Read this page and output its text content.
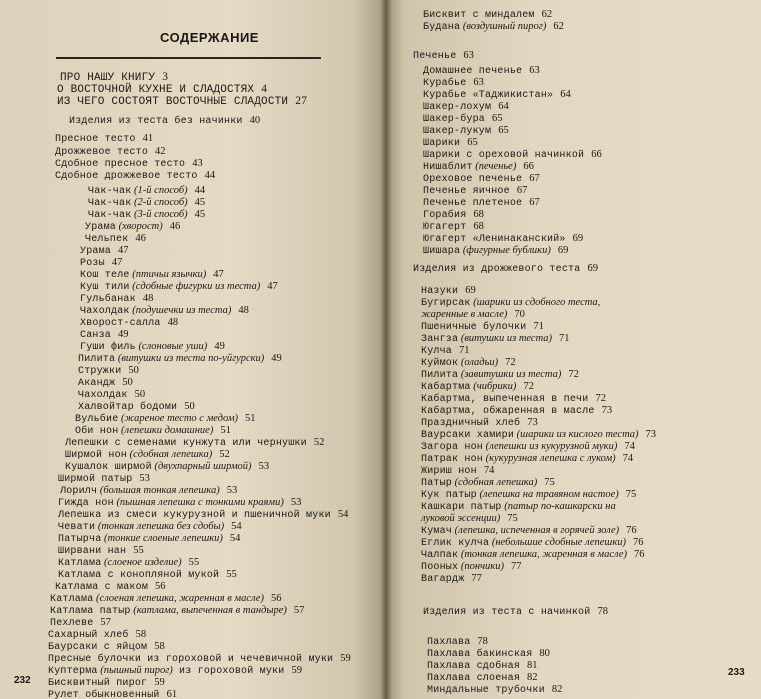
СОДЕРЖАНИЕ
ПРО НАШУ КНИГУ 3
О ВОСТОЧНОЙ КУХНЕ И СЛАДОСТЯХ 4
ИЗ ЧЕГО СОСТОЯТ ВОСТОЧНЫЕ СЛАДОСТИ 27
Изделия из теста без начинки 40
Пресное тесто 41
Дрожжевое тесто 42
Сдобное пресное тесто 43
Сдобное дрожжевое тесто 44
Чак-чак (1-й способ) 44
Чак-чак (2-й способ) 45
Чак-чак (3-й способ) 45
Урама (хворост) 46
Чельпек 46
Урама 47
Розы 47
Кош теле (птичьи язычки) 47
Куш тили (сдобные фигурки из теста) 47
Гульбанак 48
Чахолдак (подушечки из теста) 48
Хворост-салла 48
Санза 49
Гуши филь (слоновые уши) 49
Пилита (витушки из теста по-уйгурски) 49
Стружки 50
Акандж 50
Чахолдак 50
Халвойтар бодоми 50
Вульбие (жареное тесто с медом) 51
Оби нон (лепешки домашние) 51
Лепешки с семенами кунжута или чернушки 52
Ширмой нон (сдобная лепешка) 52
Кушалок ширмой (двухпарный ширмой) 53
Ширмой патыр 53
Лорилч (большая тонкая лепешка) 53
Гижда нон (пышная лепешка с тонкими краями) 53
Лепешка из смеси кукурузной и пшеничной муки 54
Чевати (тонкая лепешка без сдобы) 54
Патырча (тонкие слоеные лепешки) 54
Ширвани нан 55
Катлама (слоеное изделие) 55
Катлама с конопляной мукой 55
Катлама с маком 56
Катлама (слоеная лепешка, жаренная в масле) 56
Катлама патыр (катлама, выпеченная в тандыре) 57
Пехлеве 57
Сахарный хлеб 58
Баурсаки с яйцом 58
Пресные булочки из гороховой и чечевичной муки 59
Куптерма (пышный пирог) из гороховой муки 59
Бисквитный пирог 59
Рулет обыкновенный 61
232
Бисквит с миндалем 62
Будана (воздушный пирог) 62
Печенье 63
Домашнее печенье 63
Курабье 63
Курабье «Таджикистан» 64
Шакер-лохум 64
Шакер-бура 65
Шакер-лукум 65
Шарики 65
Шарики с ореховой начинкой 66
Нишаблит (печенье) 66
Ореховое печенье 67
Печенье яичное 67
Печенье плетеное 67
Горабия 68
Югагерт 68
Югагерт «Ленинаканский» 69
Шишара (фигурные бублики) 69
Изделия из дрожжевого теста 69
Назуки 69
Бугирсак (шарики из сдобного теста,
жаренные в масле) 70
Пшеничные булочки 71
Зангза (витушки из теста) 71
Кулча 71
Куймок (оладьи) 72
Пилита (завитушки из теста) 72
Кабартма (чибрики) 72
Кабартма, выпеченная в печи 72
Кабартма, обжаренная в масле 73
Праздничный хлеб 73
Ваурсаки хамири (шарики из кислого теста) 73
Загора нон (лепешки из кукурузной муки) 74
Патрак нон (кукурузная лепешка с луком) 74
Жириш нон 74
Патыр (сдобная лепешка) 75
Кук патыр (лепешка на травяном настое) 75
Кашкари патыр (патыр по-кашкарски на
луковой эссенции) 75
Кумач (лепешка, испеченная в горячей золе) 76
Еглик кулча (небольшие сдобные лепешки) 76
Чалпак (тонкая лепешка, жаренная в масле) 76
Пооных (пончики) 77
Вагардж 77
Изделия из теста с начинкой 78
Пахлава 78
Пахлава бакинская 80
Пахлава сдобная 81
Пахлава слоеная 82
Миндальные трубочки 82
233
